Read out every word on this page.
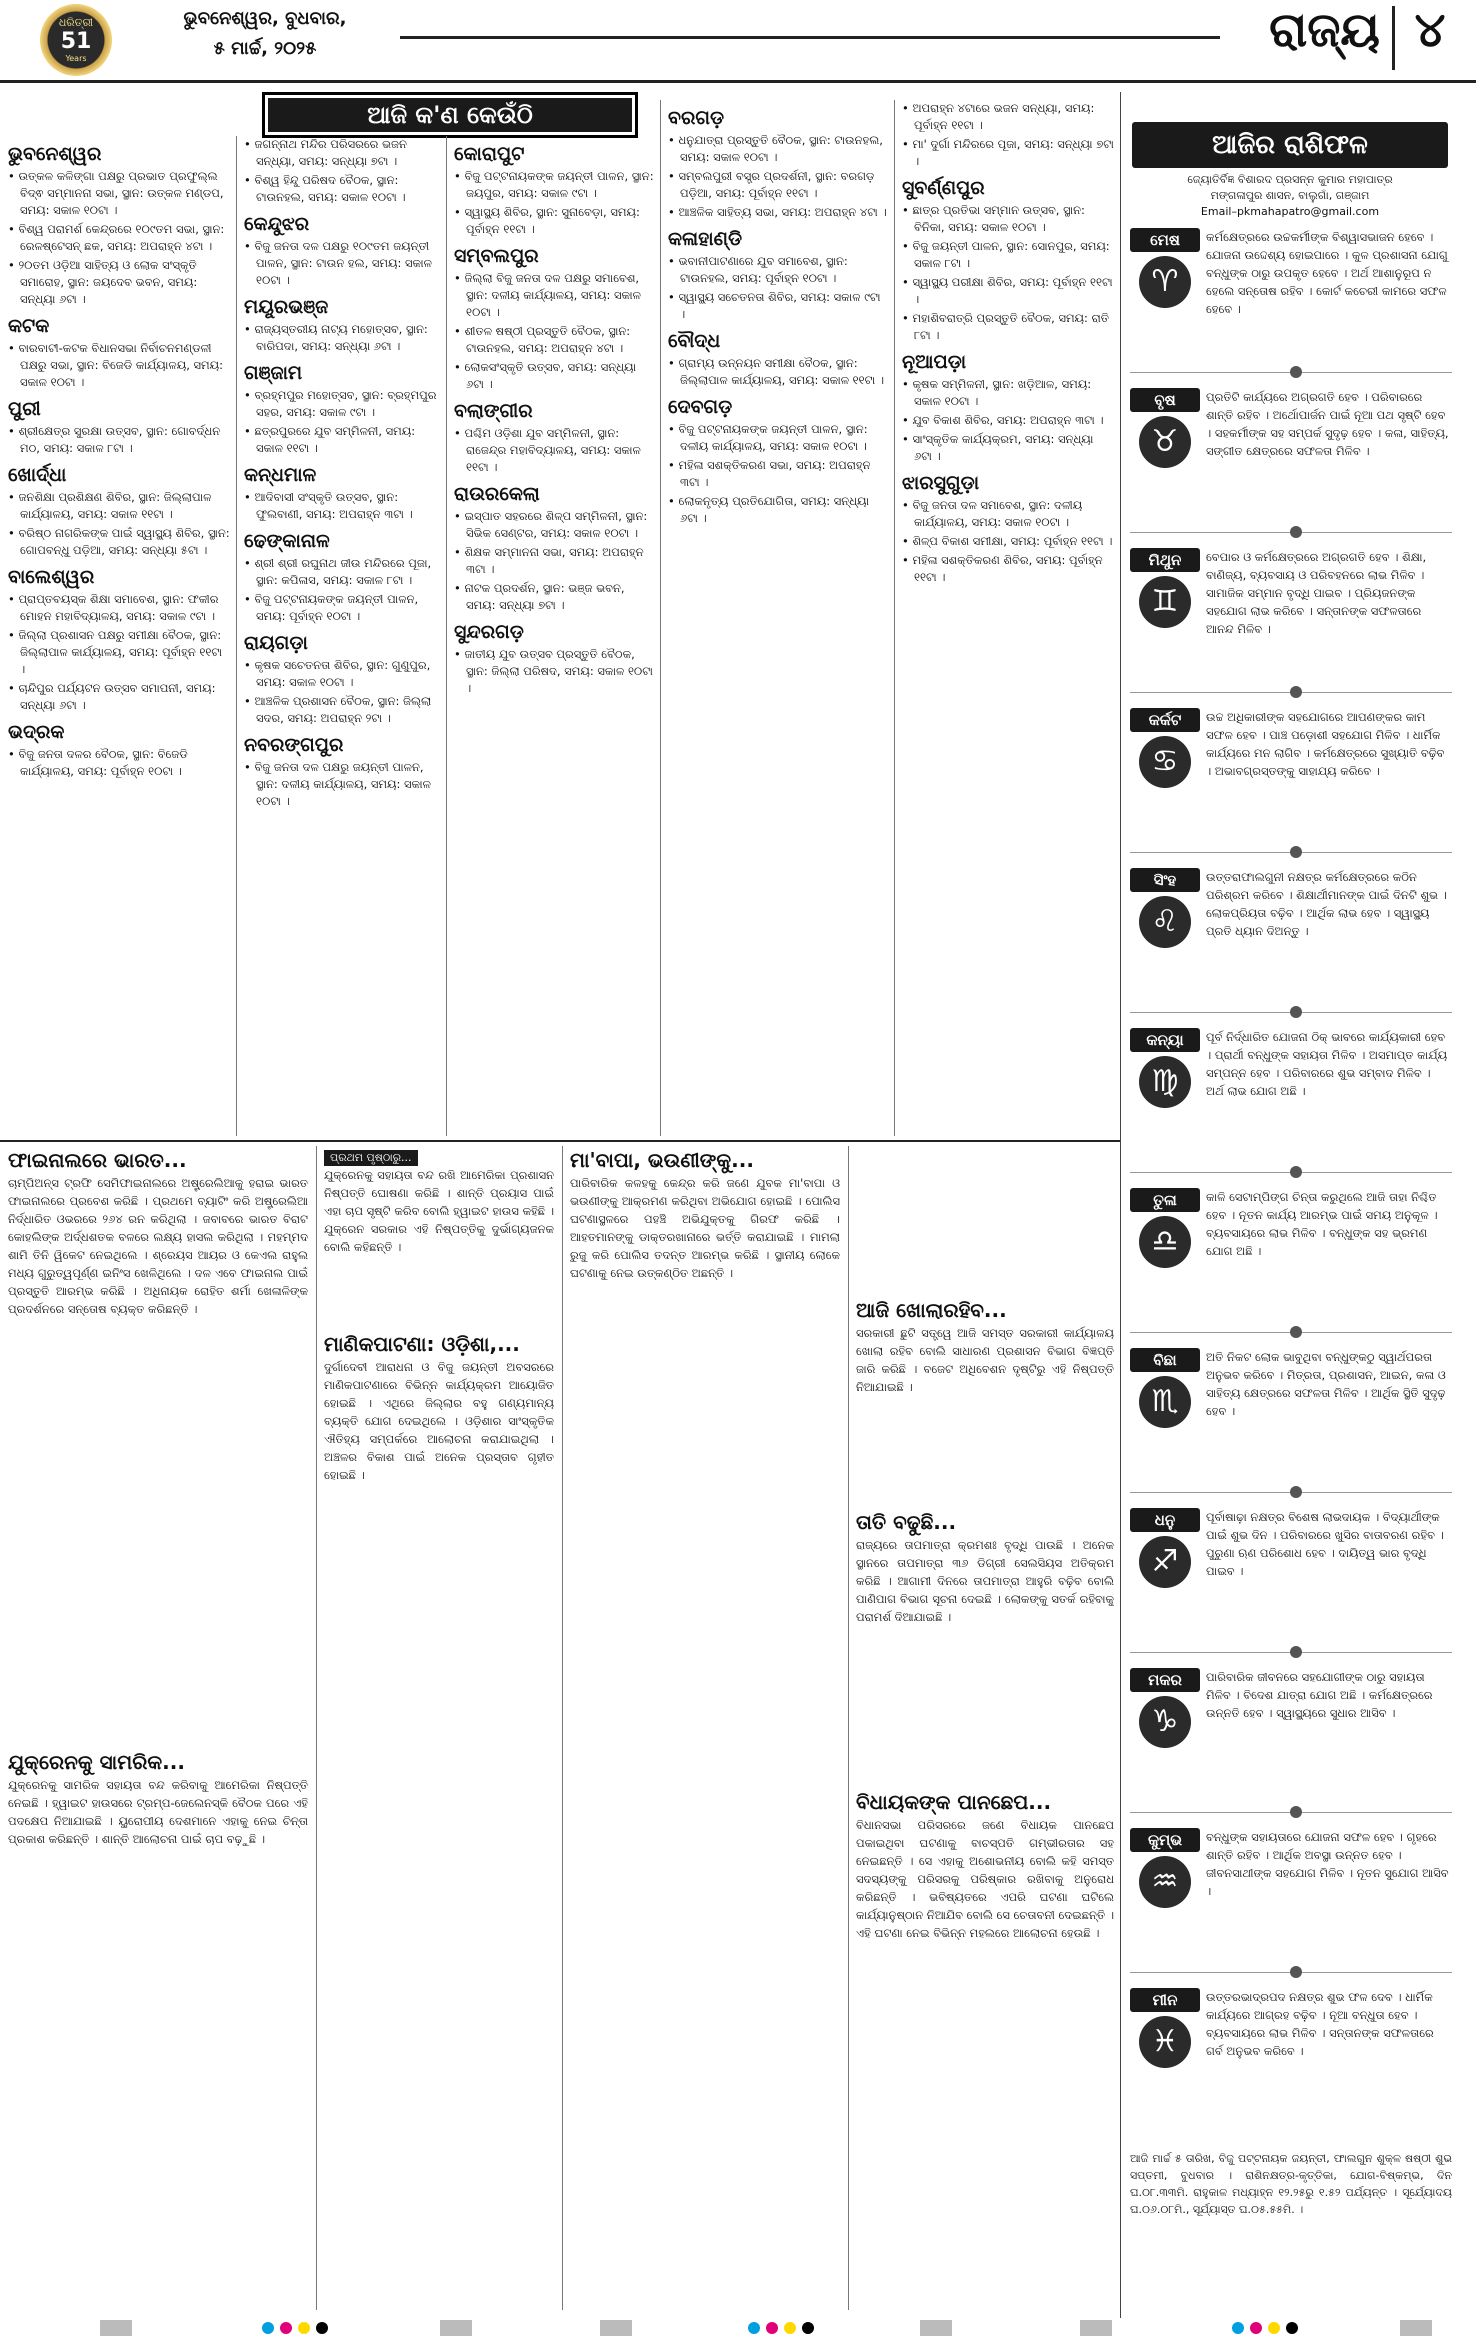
ଧରିତ୍ରୀ
51
Years
ଭୁବନେଶ୍ୱର, ବୁଧବାର,
୫ ମାର୍ଚ୍ଚ, ୨୦୨୫	ରାଜ୍ୟ ୪
ଆଜି କ'ଣ କେଉଁଠି
ଭୁବନେଶ୍ୱର
• ଉତ୍କଳ କଳିଙ୍ଗା ପକ୍ଷରୁ ପ୍ରଭାତ ପ୍ରଫୁଲ୍ଲ ବିଦ୍ଵ ସମ୍ମାନନା ସଭା, ସ୍ଥାନ: ଉତ୍କଳ ମଣ୍ଡପ, ସମୟ: ସକାଳ ୧୦ଟା ।
• ବିଶ୍ୱ ପରାମର୍ଶ କେନ୍ଦ୍ରରେ ୧୦୯ତମ ସଭା, ସ୍ଥାନ: ରେଳଷ୍ଟେସନ୍ ଛକ, ସମୟ: ଅପରାହ୍ନ ୪ଟା ।
• ୨୦ତମ ଓଡ଼ିଆ ସାହିତ୍ୟ ଓ ଲୋକ ସଂସ୍କୃତି ସମାରୋହ, ସ୍ଥାନ: ଜୟଦେବ ଭବନ, ସମୟ: ସନ୍ଧ୍ୟା ୬ଟା ।
କଟକ
• ବାରବାଟୀ-କଟକ ବିଧାନସଭା ନିର୍ବାଚନମଣ୍ଡଳୀ ପକ୍ଷରୁ ସଭା, ସ୍ଥାନ: ବିଜେଡି କାର୍ଯ୍ୟାଳୟ, ସମୟ: ସକାଳ ୧୦ଟା ।
ପୁରୀ
• ଶ୍ରୀକ୍ଷେତ୍ର ସୁରକ୍ଷା ଉତ୍ସବ, ସ୍ଥାନ: ଗୋବର୍ଦ୍ଧନ ମଠ, ସମୟ: ସକାଳ ୮ଟା ।
ଖୋର୍ଦ୍ଧା
• ଜନଶିକ୍ଷା ପ୍ରଶିକ୍ଷଣ ଶିବିର, ସ୍ଥାନ: ଜିଲ୍ଲାପାଳ କାର୍ଯ୍ୟାଳୟ, ସମୟ: ସକାଳ ୧୧ଟା ।
• ବରିଷ୍ଠ ନାଗରିକଙ୍କ ପାଇଁ ସ୍ୱାସ୍ଥ୍ୟ ଶିବିର, ସ୍ଥାନ: ଗୋପବନ୍ଧୁ ପଡ଼ିଆ, ସମୟ: ସନ୍ଧ୍ୟା ୫ଟା ।
ବାଲେଶ୍ୱର
• ପ୍ରାପ୍ତବୟସ୍କ ଶିକ୍ଷା ସମାବେଶ, ସ୍ଥାନ: ଫକୀର ମୋହନ ମହାବିଦ୍ୟାଳୟ, ସମୟ: ସକାଳ ୯ଟା ।
• ଜିଲ୍ଲା ପ୍ରଶାସନ ପକ୍ଷରୁ ସମୀକ୍ଷା ବୈଠକ, ସ୍ଥାନ: ଜିଲ୍ଲାପାଳ କାର୍ଯ୍ୟାଳୟ, ସମୟ: ପୂର୍ବାହ୍ନ ୧୧ଟା ।
• ଚାନ୍ଦିପୁର ପର୍ଯ୍ୟଟନ ଉତ୍ସବ ସମାପନୀ, ସମୟ: ସନ୍ଧ୍ୟା ୬ଟା ।
ଭଦ୍ରକ
• ବିଜୁ ଜନତା ଦଳର ବୈଠକ, ସ୍ଥାନ: ବିଜେଡି କାର୍ଯ୍ୟାଳୟ, ସମୟ: ପୂର୍ବାହ୍ନ ୧୦ଟା ।
• ଜଗନ୍ନାଥ ମନ୍ଦିର ପରିସରରେ ଭଜନ ସନ୍ଧ୍ୟା, ସମୟ: ସନ୍ଧ୍ୟା ୭ଟା ।
• ବିଶ୍ୱ ହିନ୍ଦୁ ପରିଷଦ ବୈଠକ, ସ୍ଥାନ: ଟାଉନହଲ, ସମୟ: ସକାଳ ୧୦ଟା ।
କେନ୍ଦୁଝର
• ବିଜୁ ଜନତା ଦଳ ପକ୍ଷରୁ ୧୦୯ତମ ଜୟନ୍ତୀ ପାଳନ, ସ୍ଥାନ: ଟାଉନ ହଲ, ସମୟ: ସକାଳ ୧୦ଟା ।
ମୟୂରଭଞ୍ଜ
• ରାଜ୍ୟସ୍ତରୀୟ ନାଟ୍ୟ ମହୋତ୍ସବ, ସ୍ଥାନ: ବାରିପଦା, ସମୟ: ସନ୍ଧ୍ୟା ୬ଟା ।
ଗଞ୍ଜାମ
• ବ୍ରହ୍ମପୁର ମହୋତ୍ସବ, ସ୍ଥାନ: ବ୍ରହ୍ମପୁର ସହର, ସମୟ: ସକାଳ ୯ଟା ।
• ଛତ୍ରପୁରରେ ଯୁବ ସମ୍ମିଳନୀ, ସମୟ: ସକାଳ ୧୧ଟା ।
କନ୍ଧମାଳ
• ଆଦିବାସୀ ସଂସ୍କୃତି ଉତ୍ସବ, ସ୍ଥାନ: ଫୁଲବାଣୀ, ସମୟ: ଅପରାହ୍ନ ୩ଟା ।
ଢେଙ୍କାନାଳ
• ଶ୍ରୀ ଶ୍ରୀ ରଘୁନାଥ ଜୀଉ ମନ୍ଦିରରେ ପୂଜା, ସ୍ଥାନ: କପିଳାସ, ସମୟ: ସକାଳ ୮ଟା ।
• ବିଜୁ ପଟ୍ଟନାୟକଙ୍କ ଜୟନ୍ତୀ ପାଳନ, ସମୟ: ପୂର୍ବାହ୍ନ ୧୦ଟା ।
ରାୟଗଡ଼ା
• କୃଷକ ସଚେତନତା ଶିବିର, ସ୍ଥାନ: ଗୁଣୁପୁର, ସମୟ: ସକାଳ ୧୦ଟା ।
• ଆଞ୍ଚଳିକ ପ୍ରଶାସନ ବୈଠକ, ସ୍ଥାନ: ଜିଲ୍ଲା ସଦର, ସମୟ: ଅପରାହ୍ନ ୨ଟା ।
ନବରଙ୍ଗପୁର
• ବିଜୁ ଜନତା ଦଳ ପକ୍ଷରୁ ଜୟନ୍ତୀ ପାଳନ, ସ୍ଥାନ: ଦଳୀୟ କାର୍ଯ୍ୟାଳୟ, ସମୟ: ସକାଳ ୧୦ଟା ।
କୋରାପୁଟ
• ବିଜୁ ପଟ୍ଟନାୟକଙ୍କ ଜୟନ୍ତୀ ପାଳନ, ସ୍ଥାନ: ଜୟପୁର, ସମୟ: ସକାଳ ୯ଟା ।
• ସ୍ୱାସ୍ଥ୍ୟ ଶିବିର, ସ୍ଥାନ: ସୁନାବେଡ଼ା, ସମୟ: ପୂର୍ବାହ୍ନ ୧୧ଟା ।
ସମ୍ବଲପୁର
• ଜିଲ୍ଲା ବିଜୁ ଜନତା ଦଳ ପକ୍ଷରୁ ସମାବେଶ, ସ୍ଥାନ: ଦଳୀୟ କାର୍ଯ୍ୟାଳୟ, ସମୟ: ସକାଳ ୧୦ଟା ।
• ଶୀତଳ ଷଷ୍ଠୀ ପ୍ରସ୍ତୁତି ବୈଠକ, ସ୍ଥାନ: ଟାଉନହଲ, ସମୟ: ଅପରାହ୍ନ ୪ଟା ।
• ଲୋକସଂସ୍କୃତି ଉତ୍ସବ, ସମୟ: ସନ୍ଧ୍ୟା ୬ଟା ।
ବଲାଙ୍ଗୀର
• ପଶ୍ଚିମ ଓଡ଼ିଶା ଯୁବ ସମ୍ମିଳନୀ, ସ୍ଥାନ: ରାଜେନ୍ଦ୍ର ମହାବିଦ୍ୟାଳୟ, ସମୟ: ସକାଳ ୧୧ଟା ।
ରାଉରକେଲା
• ଇସ୍ପାତ ସହରରେ ଶିଳ୍ପ ସମ୍ମିଳନୀ, ସ୍ଥାନ: ସିଭିକ ସେଣ୍ଟର, ସମୟ: ସକାଳ ୧୦ଟା ।
• ଶିକ୍ଷକ ସମ୍ମାନନା ସଭା, ସମୟ: ଅପରାହ୍ନ ୩ଟା ।
• ନାଟକ ପ୍ରଦର୍ଶନ, ସ୍ଥାନ: ଭଞ୍ଜ ଭବନ, ସମୟ: ସନ୍ଧ୍ୟା ୭ଟା ।
ସୁନ୍ଦରଗଡ଼
• ଜାତୀୟ ଯୁବ ଉତ୍ସବ ପ୍ରସ୍ତୁତି ବୈଠକ, ସ୍ଥାନ: ଜିଲ୍ଲା ପରିଷଦ, ସମୟ: ସକାଳ ୧୦ଟା ।
ବରଗଡ଼
• ଧନୁଯାତ୍ରା ପ୍ରସ୍ତୁତି ବୈଠକ, ସ୍ଥାନ: ଟାଉନହଲ, ସମୟ: ସକାଳ ୧୦ଟା ।
• ସମ୍ବଲପୁରୀ ବସ୍ତ୍ର ପ୍ରଦର୍ଶନୀ, ସ୍ଥାନ: ବରଗଡ଼ ପଡ଼ିଆ, ସମୟ: ପୂର୍ବାହ୍ନ ୧୧ଟା ।
• ଆଞ୍ଚଳିକ ସାହିତ୍ୟ ସଭା, ସମୟ: ଅପରାହ୍ନ ୪ଟା ।
କଳାହାଣ୍ଡି
• ଭବାନୀପାଟଣାରେ ଯୁବ ସମାବେଶ, ସ୍ଥାନ: ଟାଉନହଲ, ସମୟ: ପୂର୍ବାହ୍ନ ୧୦ଟା ।
• ସ୍ୱାସ୍ଥ୍ୟ ସଚେତନତା ଶିବିର, ସମୟ: ସକାଳ ୯ଟା ।
ବୌଦ୍ଧ
• ଗ୍ରାମ୍ୟ ଉନ୍ନୟନ ସମୀକ୍ଷା ବୈଠକ, ସ୍ଥାନ: ଜିଲ୍ଲାପାଳ କାର୍ଯ୍ୟାଳୟ, ସମୟ: ସକାଳ ୧୧ଟା ।
ଦେବଗଡ଼
• ବିଜୁ ପଟ୍ଟନାୟକଙ୍କ ଜୟନ୍ତୀ ପାଳନ, ସ୍ଥାନ: ଦଳୀୟ କାର୍ଯ୍ୟାଳୟ, ସମୟ: ସକାଳ ୧୦ଟା ।
• ମହିଳା ସଶକ୍ତିକରଣ ସଭା, ସମୟ: ଅପରାହ୍ନ ୩ଟା ।
• ଲୋକନୃତ୍ୟ ପ୍ରତିଯୋଗିତା, ସମୟ: ସନ୍ଧ୍ୟା ୬ଟା ।
• ଅପରାହ୍ନ ୪ଟାରେ ଭଜନ ସନ୍ଧ୍ୟା, ସମୟ: ପୂର୍ବାହ୍ନ ୧୧ଟା ।
• ମା' ଦୁର୍ଗା ମନ୍ଦିରରେ ପୂଜା, ସମୟ: ସନ୍ଧ୍ୟା ୭ଟା ।
ସୁବର୍ଣ୍ଣପୁର
• ଛାତ୍ର ପ୍ରତିଭା ସମ୍ମାନ ଉତ୍ସବ, ସ୍ଥାନ: ବିନିକା, ସମୟ: ସକାଳ ୧୦ଟା ।
• ବିଜୁ ଜୟନ୍ତୀ ପାଳନ, ସ୍ଥାନ: ସୋନପୁର, ସମୟ: ସକାଳ ୮ଟା ।
• ସ୍ୱାସ୍ଥ୍ୟ ପରୀକ୍ଷା ଶିବିର, ସମୟ: ପୂର୍ବାହ୍ନ ୧୧ଟା ।
• ମହାଶିବରାତ୍ରି ପ୍ରସ୍ତୁତି ବୈଠକ, ସମୟ: ରାତି ୮ଟା ।
ନୂଆପଡ଼ା
• କୃଷକ ସମ୍ମିଳନୀ, ସ୍ଥାନ: ଖଡ଼ିଆଳ, ସମୟ: ସକାଳ ୧୦ଟା ।
• ଯୁବ ବିକାଶ ଶିବିର, ସମୟ: ଅପରାହ୍ନ ୩ଟା ।
• ସାଂସ୍କୃତିକ କାର୍ଯ୍ୟକ୍ରମ, ସମୟ: ସନ୍ଧ୍ୟା ୬ଟା ।
ଝାରସୁଗୁଡ଼ା
• ବିଜୁ ଜନତା ଦଳ ସମାବେଶ, ସ୍ଥାନ: ଦଳୀୟ କାର୍ଯ୍ୟାଳୟ, ସମୟ: ସକାଳ ୧୦ଟା ।
• ଶିଳ୍ପ ବିକାଶ ସମୀକ୍ଷା, ସମୟ: ପୂର୍ବାହ୍ନ ୧୧ଟା ।
• ମହିଳା ସଶକ୍ତିକରଣ ଶିବିର, ସମୟ: ପୂର୍ବାହ୍ନ ୧୧ଟା ।
ଆଜିର ରାଶିଫଳ
ଜ୍ୟୋତିର୍ବିଜ୍ଞ ବିଶାରଦ ପ୍ରସନ୍ନ କୁମାର ମହାପାତ୍ର
ମଙ୍ଗଳାପୁର ଶାସନ, ବାଲୁଗାଁ, ଗଞ୍ଜାମ
Email–pkmahapatro@gmail.com
ମେଷ
♈
କର୍ମକ୍ଷେତ୍ରରେ ଉଚ୍ଚକର୍ମୀଙ୍କ ବିଶ୍ୱାସଭାଜନ ହେବେ । ଯୋଜନା ଉଦ୍ଦେଶ୍ୟ ହୋଇପାରେ । କୁଳ ପ୍ରଶାସନା ଯୋଗୁ ବନ୍ଧୁଙ୍କ ଠାରୁ ଉପକୃତ ହେବେ । ଅର୍ଥ ଆଶାନୁରୂପ ନ ହେଲେ ସନ୍ତୋଷ ରହିବ । କୋର୍ଟ କଚେରୀ କାମରେ ସଫଳ ହେବେ ।
ବୃଷ
♉
ପ୍ରତିଟି କାର୍ଯ୍ୟରେ ଅଗ୍ରଗତି ହେବ । ପରିବାରରେ ଶାନ୍ତି ରହିବ । ଅର୍ଥୋପାର୍ଜନ ପାଇଁ ନୂଆ ପଥ ସୃଷ୍ଟି ହେବ । ସହକର୍ମୀଙ୍କ ସହ ସମ୍ପର୍କ ସୁଦୃଢ଼ ହେବ । କଳା, ସାହିତ୍ୟ, ସଙ୍ଗୀତ କ୍ଷେତ୍ରରେ ସଫଳତା ମିଳିବ ।
ମିଥୁନ
♊
ବେପାର ଓ କର୍ମକ୍ଷେତ୍ରରେ ଅଗ୍ରଗତି ହେବ । ଶିକ୍ଷା, ବାଣିଜ୍ୟ, ବ୍ୟବସାୟ ଓ ପରିବହନରେ ଲାଭ ମିଳିବ । ସାମାଜିକ ସମ୍ମାନ ବୃଦ୍ଧି ପାଇବ । ପ୍ରିୟଜନଙ୍କ ସହଯୋଗ ଲାଭ କରିବେ । ସନ୍ତାନଙ୍କ ସଫଳତାରେ ଆନନ୍ଦ ମିଳିବ ।
କର୍କଟ
♋
ଉଚ୍ଚ ଅଧିକାରୀଙ୍କ ସହଯୋଗରେ ଆପଣଙ୍କର କାମ ସଫଳ ହେବ । ପାଞ୍ଚ ପଡ଼ୋଶୀ ସହଯୋଗ ମିଳିବ । ଧାର୍ମିକ କାର୍ଯ୍ୟରେ ମନ ଲାଗିବ । କର୍ମକ୍ଷେତ୍ରରେ ସୁଖ୍ୟାତି ବଢ଼ିବ । ଅଭାବଗ୍ରସ୍ତଙ୍କୁ ସାହାଯ୍ୟ କରିବେ ।
ସିଂହ
♌
ଉତ୍ତରାଫାଲଗୁନୀ ନକ୍ଷତ୍ର କର୍ମକ୍ଷେତ୍ରରେ କଠିନ ପରିଶ୍ରମ କରିବେ । ଶିକ୍ଷାର୍ଥୀମାନଙ୍କ ପାଇଁ ଦିନଟି ଶୁଭ । ଲୋକପ୍ରିୟତା ବଢ଼ିବ । ଆର୍ଥିକ ଲାଭ ହେବ । ସ୍ୱାସ୍ଥ୍ୟ ପ୍ରତି ଧ୍ୟାନ ଦିଅନ୍ତୁ ।
କନ୍ୟା
♍
ପୂର୍ବ ନିର୍ଦ୍ଧାରିତ ଯୋଜନା ଠିକ୍ ଭାବରେ କାର୍ଯ୍ୟକାରୀ ହେବ । ପ୍ରାର୍ଥୀ ବନ୍ଧୁଙ୍କ ସହାୟତା ମିଳିବ । ଅସମାପ୍ତ କାର୍ଯ୍ୟ ସମ୍ପନ୍ନ ହେବ । ପରିବାରରେ ଶୁଭ ସମ୍ବାଦ ମିଳିବ । ଅର୍ଥ ଲାଭ ଯୋଗ ଅଛି ।
ତୁଳା
♎
କାଳି ସେଟାମ୍ପିଙ୍ଗ ଚିନ୍ତା କରୁଥିଲେ ଆଜି ତାହା ନିଶ୍ଚିତ ହେବ । ନୂତନ କାର୍ଯ୍ୟ ଆରମ୍ଭ ପାଇଁ ସମୟ ଅନୁକୂଳ । ବ୍ୟବସାୟରେ ଲାଭ ମିଳିବ । ବନ୍ଧୁଙ୍କ ସହ ଭ୍ରମଣ ଯୋଗ ଅଛି ।
ବିଛା
♏
ଅତି ନିକଟ ଲୋକ ଭାବୁଥିବା ବନ୍ଧୁଙ୍କଠୁ ସ୍ୱାର୍ଥପରତା ଅନୁଭବ କରିବେ । ମିତ୍ରତା, ପ୍ରଶାସନ, ଆଇନ, କଳା ଓ ସାହିତ୍ୟ କ୍ଷେତ୍ରରେ ସଫଳତା ମିଳିବ । ଆର୍ଥିକ ସ୍ଥିତି ସୁଦୃଢ଼ ହେବ ।
ଧନୁ
♐
ପୂର୍ବାଷାଢ଼ା ନକ୍ଷତ୍ର ବିଶେଷ ଲାଭଦାୟକ । ବିଦ୍ୟାର୍ଥୀଙ୍କ ପାଇଁ ଶୁଭ ଦିନ । ପରିବାରରେ ଖୁସିର ବାତାବରଣ ରହିବ । ପୁରୁଣା ଋଣ ପରିଶୋଧ ହେବ । ଦାୟିତ୍ୱ ଭାର ବୃଦ୍ଧି ପାଇବ ।
ମକର
♑
ପାରିବାରିକ ଜୀବନରେ ସହଯୋଗୀଙ୍କ ଠାରୁ ସହାୟତା ମିଳିବ । ବିଦେଶ ଯାତ୍ରା ଯୋଗ ଅଛି । କର୍ମକ୍ଷେତ୍ରରେ ଉନ୍ନତି ହେବ । ସ୍ୱାସ୍ଥ୍ୟରେ ସୁଧାର ଆସିବ ।
କୁମ୍ଭ
♒
ବନ୍ଧୁଙ୍କ ସହାୟତାରେ ଯୋଜନା ସଫଳ ହେବ । ଗୃହରେ ଶାନ୍ତି ରହିବ । ଆର୍ଥିକ ଅବସ୍ଥା ଉନ୍ନତ ହେବ । ଜୀବନସାଥୀଙ୍କ ସହଯୋଗ ମିଳିବ । ନୂତନ ସୁଯୋଗ ଆସିବ ।
ମୀନ
♓
ଉତ୍ତରଭାଦ୍ରପଦ ନକ୍ଷତ୍ର ଶୁଭ ଫଳ ଦେବ । ଧାର୍ମିକ କାର୍ଯ୍ୟରେ ଆଗ୍ରହ ବଢ଼ିବ । ନୂଆ ବନ୍ଧୁତା ହେବ । ବ୍ୟବସାୟରେ ଲାଭ ମିଳିବ । ସନ୍ତାନଙ୍କ ସଫଳତାରେ ଗର୍ବ ଅନୁଭବ କରିବେ ।
ଆଜି ମାର୍ଚ୍ଚ ୫ ତାରିଖ, ବିଜୁ ପଟ୍ଟନାୟକ ଜୟନ୍ତୀ, ଫାଲଗୁନ ଶୁକ୍ଳ ଷଷ୍ଠୀ ଶୁଭ ସପ୍ତମୀ, ବୁଧବାର । ରାଶିନକ୍ଷତ୍ର-କୃତ୍ତିକା, ଯୋଗ-ବିଷ୍କମ୍ଭ, ଦିନ ଘ.୦୮.୩୩ମି. ରାହୁକାଳ ମଧ୍ୟାହ୍ନ ୧୨.୨୫ରୁ ୧.୫୨ ପର୍ଯ୍ୟନ୍ତ । ସୂର୍ଯ୍ୟୋଦୟ ଘ.୦୬.୦୮ମି., ସୂର୍ଯ୍ୟାସ୍ତ ଘ.୦୫.୫୫ମି. ।
ଫାଇନାଲରେ ଭାରତ...
ଚାମ୍ପିଅନ୍ସ ଟ୍ରଫି ସେମିଫାଇନାଲରେ ଅଷ୍ଟ୍ରେଲିଆକୁ ହରାଇ ଭାରତ ଫାଇନାଲରେ ପ୍ରବେଶ କରିଛି । ପ୍ରଥମେ ବ୍ୟାଟିଂ କରି ଅଷ୍ଟ୍ରେଲିଆ ନିର୍ଦ୍ଧାରିତ ଓଭରରେ ୨୬୪ ରନ କରିଥିଲା । ଜବାବରେ ଭାରତ ବିରାଟ କୋହଲିଙ୍କ ଅର୍ଦ୍ଧଶତକ ବଳରେ ଲକ୍ଷ୍ୟ ହାସଲ କରିଥିଲା । ମହମ୍ମଦ ଶାମି ତିନି ୱିକେଟ ନେଇଥିଲେ । ଶ୍ରେୟସ ଆୟର ଓ କେଏଲ ରାହୁଲ ମଧ୍ୟ ଗୁରୁତ୍ୱପୂର୍ଣ୍ଣ ଇନିଂସ ଖେଳିଥିଲେ । ଦଳ ଏବେ ଫାଇନାଲ ପାଇଁ ପ୍ରସ୍ତୁତି ଆରମ୍ଭ କରିଛି । ଅଧିନାୟକ ରୋହିତ ଶର୍ମା ଖେଳାଳିଙ୍କ ପ୍ରଦର୍ଶନରେ ସନ୍ତୋଷ ବ୍ୟକ୍ତ କରିଛନ୍ତି ।
ଯୁକ୍ରେନକୁ ସାମରିକ...
ଯୁକ୍ରେନକୁ ସାମରିକ ସହାୟତା ବନ୍ଦ କରିବାକୁ ଆମେରିକା ନିଷ୍ପତ୍ତି ନେଇଛି । ହ୍ୱାଇଟ ହାଉସରେ ଟ୍ରମ୍ପ-ଜେଲେନସ୍କି ବୈଠକ ପରେ ଏହି ପଦକ୍ଷେପ ନିଆଯାଇଛି । ୟୁରୋପୀୟ ଦେଶମାନେ ଏହାକୁ ନେଇ ଚିନ୍ତା ପ୍ରକାଶ କରିଛନ୍ତି । ଶାନ୍ତି ଆଲୋଚନା ପାଇଁ ଚାପ ବଢ଼ୁଛି ।
ପ୍ରଥମ ପୃଷ୍ଠାରୁ...
ଯୁକ୍ରେନକୁ ସହାୟତା ବନ୍ଦ ରଖି ଆମେରିକା ପ୍ରଶାସନ ନିଷ୍ପତ୍ତି ଘୋଷଣା କରିଛି । ଶାନ୍ତି ପ୍ରୟାସ ପାଇଁ ଏହା ଚାପ ସୃଷ୍ଟି କରିବ ବୋଲି ହ୍ୱାଇଟ ହାଉସ କହିଛି । ଯୁକ୍ରେନ ସରକାର ଏହି ନିଷ୍ପତ୍ତିକୁ ଦୁର୍ଭାଗ୍ୟଜନକ ବୋଲି କହିଛନ୍ତି ।
ମାଣିକପାଟଣା: ଓଡ଼ିଶା,...
ଦୁର୍ଗାଦେବୀ ଆରାଧନା ଓ ବିଜୁ ଜୟନ୍ତୀ ଅବସରରେ ମାଣିକପାଟଣାରେ ବିଭିନ୍ନ କାର୍ଯ୍ୟକ୍ରମ ଆୟୋଜିତ ହୋଇଛି । ଏଥିରେ ଜିଲ୍ଲାର ବହୁ ଗଣ୍ୟମାନ୍ୟ ବ୍ୟକ୍ତି ଯୋଗ ଦେଇଥିଲେ । ଓଡ଼ିଶାର ସାଂସ୍କୃତିକ ଐତିହ୍ୟ ସମ୍ପର୍କରେ ଆଲୋଚନା କରାଯାଇଥିଲା । ଅଞ୍ଚଳର ବିକାଶ ପାଇଁ ଅନେକ ପ୍ରସ୍ତାବ ଗୃହୀତ ହୋଇଛି ।
ମା'ବାପା, ଭଉଣୀଙ୍କୁ...
ପାରିବାରିକ କଳହକୁ କେନ୍ଦ୍ର କରି ଜଣେ ଯୁବକ ମା'ବାପା ଓ ଭଉଣୀଙ୍କୁ ଆକ୍ରମଣ କରିଥିବା ଅଭିଯୋଗ ହୋଇଛି । ପୋଲିସ ଘଟଣାସ୍ଥଳରେ ପହଞ୍ଚି ଅଭିଯୁକ୍ତକୁ ଗିରଫ କରିଛି । ଆହତମାନଙ୍କୁ ଡାକ୍ତରଖାନାରେ ଭର୍ତ୍ତି କରାଯାଇଛି । ମାମଲା ରୁଜୁ କରି ପୋଲିସ ତଦନ୍ତ ଆରମ୍ଭ କରିଛି । ସ୍ଥାନୀୟ ଲୋକେ ଘଟଣାକୁ ନେଇ ଉତ୍କଣ୍ଠିତ ଅଛନ୍ତି ।
ଆଜି ଖୋଲାରହିବ...
ସରକାରୀ ଛୁଟି ସତ୍ତ୍ୱେ ଆଜି ସମସ୍ତ ସରକାରୀ କାର୍ଯ୍ୟାଳୟ ଖୋଲା ରହିବ ବୋଲି ସାଧାରଣ ପ୍ରଶାସନ ବିଭାଗ ବିଜ୍ଞପ୍ତି ଜାରି କରିଛି । ବଜେଟ ଅଧିବେଶନ ଦୃଷ୍ଟିରୁ ଏହି ନିଷ୍ପତ୍ତି ନିଆଯାଇଛି ।
ତାତି ବଢୁଛି...
ରାଜ୍ୟରେ ତାପମାତ୍ରା କ୍ରମଶଃ ବୃଦ୍ଧି ପାଉଛି । ଅନେକ ସ୍ଥାନରେ ତାପମାତ୍ରା ୩୬ ଡିଗ୍ରୀ ସେଲସିୟସ ଅତିକ୍ରମ କରିଛି । ଆଗାମୀ ଦିନରେ ତାପମାତ୍ରା ଆହୁରି ବଢ଼ିବ ବୋଲି ପାଣିପାଗ ବିଭାଗ ସୂଚନା ଦେଇଛି । ଲୋକଙ୍କୁ ସତର୍କ ରହିବାକୁ ପରାମର୍ଶ ଦିଆଯାଇଛି ।
ବିଧାୟକଙ୍କ ପାନଛେପ...
ବିଧାନସଭା ପରିସରରେ ଜଣେ ବିଧାୟକ ପାନଛେପ ପକାଇଥିବା ଘଟଣାକୁ ବାଚସ୍ପତି ଗମ୍ଭୀରତାର ସହ ନେଇଛନ୍ତି । ସେ ଏହାକୁ ଅଶୋଭନୀୟ ବୋଲି କହି ସମସ୍ତ ସଦସ୍ୟଙ୍କୁ ପରିସରକୁ ପରିଷ୍କାର ରଖିବାକୁ ଅନୁରୋଧ କରିଛନ୍ତି । ଭବିଷ୍ୟତରେ ଏପରି ଘଟଣା ଘଟିଲେ କାର୍ଯ୍ୟାନୁଷ୍ଠାନ ନିଆଯିବ ବୋଲି ସେ ଚେତାବନୀ ଦେଇଛନ୍ତି । ଏହି ଘଟଣା ନେଇ ବିଭିନ୍ନ ମହଲରେ ଆଲୋଚନା ହେଉଛି ।
